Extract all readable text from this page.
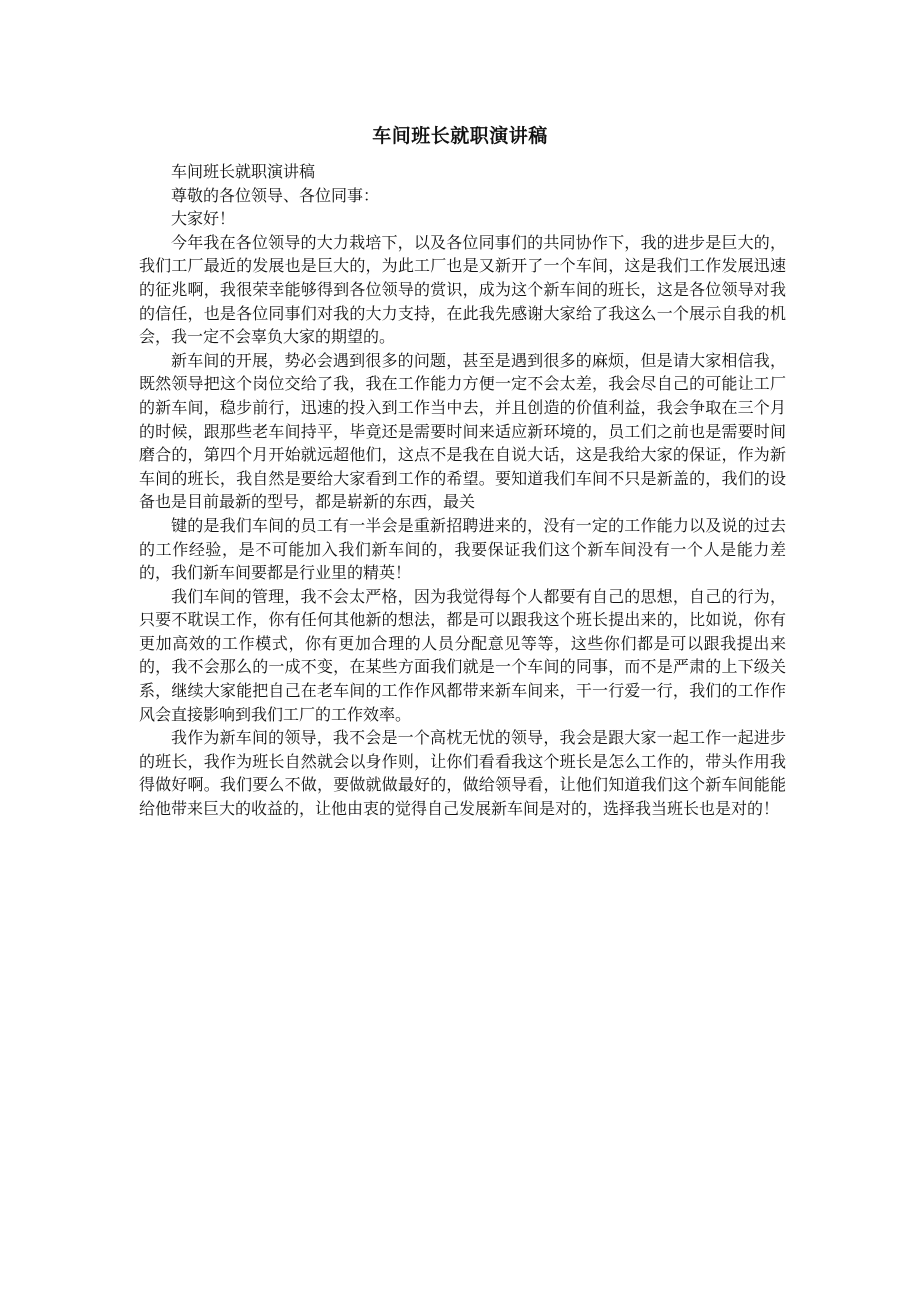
车间班长就职演讲稿

车间班长就职演讲稿

尊敬的各位领导、各位同事：

大家好！

今年我在各位领导的大力栽培下，以及各位同事们的共同协作下，我的进步是巨大的，我们工厂最近的发展也是巨大的，为此工厂也是又新开了一个车间，这是我们工作发展迅速的征兆啊，我很荣幸能够得到各位领导的赏识，成为这个新车间的班长，这是各位领导对我的信任，也是各位同事们对我的大力支持，在此我先感谢大家给了我这么一个展示自我的机会，我一定不会辜负大家的期望的。

新车间的开展，势必会遇到很多的问题，甚至是遇到很多的麻烦，但是请大家相信我，既然领导把这个岗位交给了我，我在工作能力方便一定不会太差，我会尽自己的可能让工厂的新车间，稳步前行，迅速的投入到工作当中去，并且创造的价值利益，我会争取在三个月的时候，跟那些老车间持平，毕竟还是需要时间来适应新环境的，员工们之前也是需要时间磨合的，第四个月开始就远超他们，这点不是我在自说大话，这是我给大家的保证，作为新车间的班长，我自然是要给大家看到工作的希望。要知道我们车间不只是新盖的，我们的设备也是目前最新的型号，都是崭新的东西，最关

键的是我们车间的员工有一半会是重新招聘进来的，没有一定的工作能力以及说的过去的工作经验，是不可能加入我们新车间的，我要保证我们这个新车间没有一个人是能力差的，我们新车间要都是行业里的精英！

我们车间的管理，我不会太严格，因为我觉得每个人都要有自己的思想，自己的行为，只要不耽误工作，你有任何其他新的想法，都是可以跟我这个班长提出来的，比如说，你有更加高效的工作模式，你有更加合理的人员分配意见等等，这些你们都是可以跟我提出来的，我不会那么的一成不变，在某些方面我们就是一个车间的同事，而不是严肃的上下级关系，继续大家能把自己在老车间的工作作风都带来新车间来，干一行爱一行，我们的工作作风会直接影响到我们工厂的工作效率。

我作为新车间的领导，我不会是一个高枕无忧的领导，我会是跟大家一起工作一起进步的班长，我作为班长自然就会以身作则，让你们看看我这个班长是怎么工作的，带头作用我得做好啊。我们要么不做，要做就做最好的，做给领导看，让他们知道我们这个新车间能能给他带来巨大的收益的，让他由衷的觉得自己发展新车间是对的，选择我当班长也是对的！
